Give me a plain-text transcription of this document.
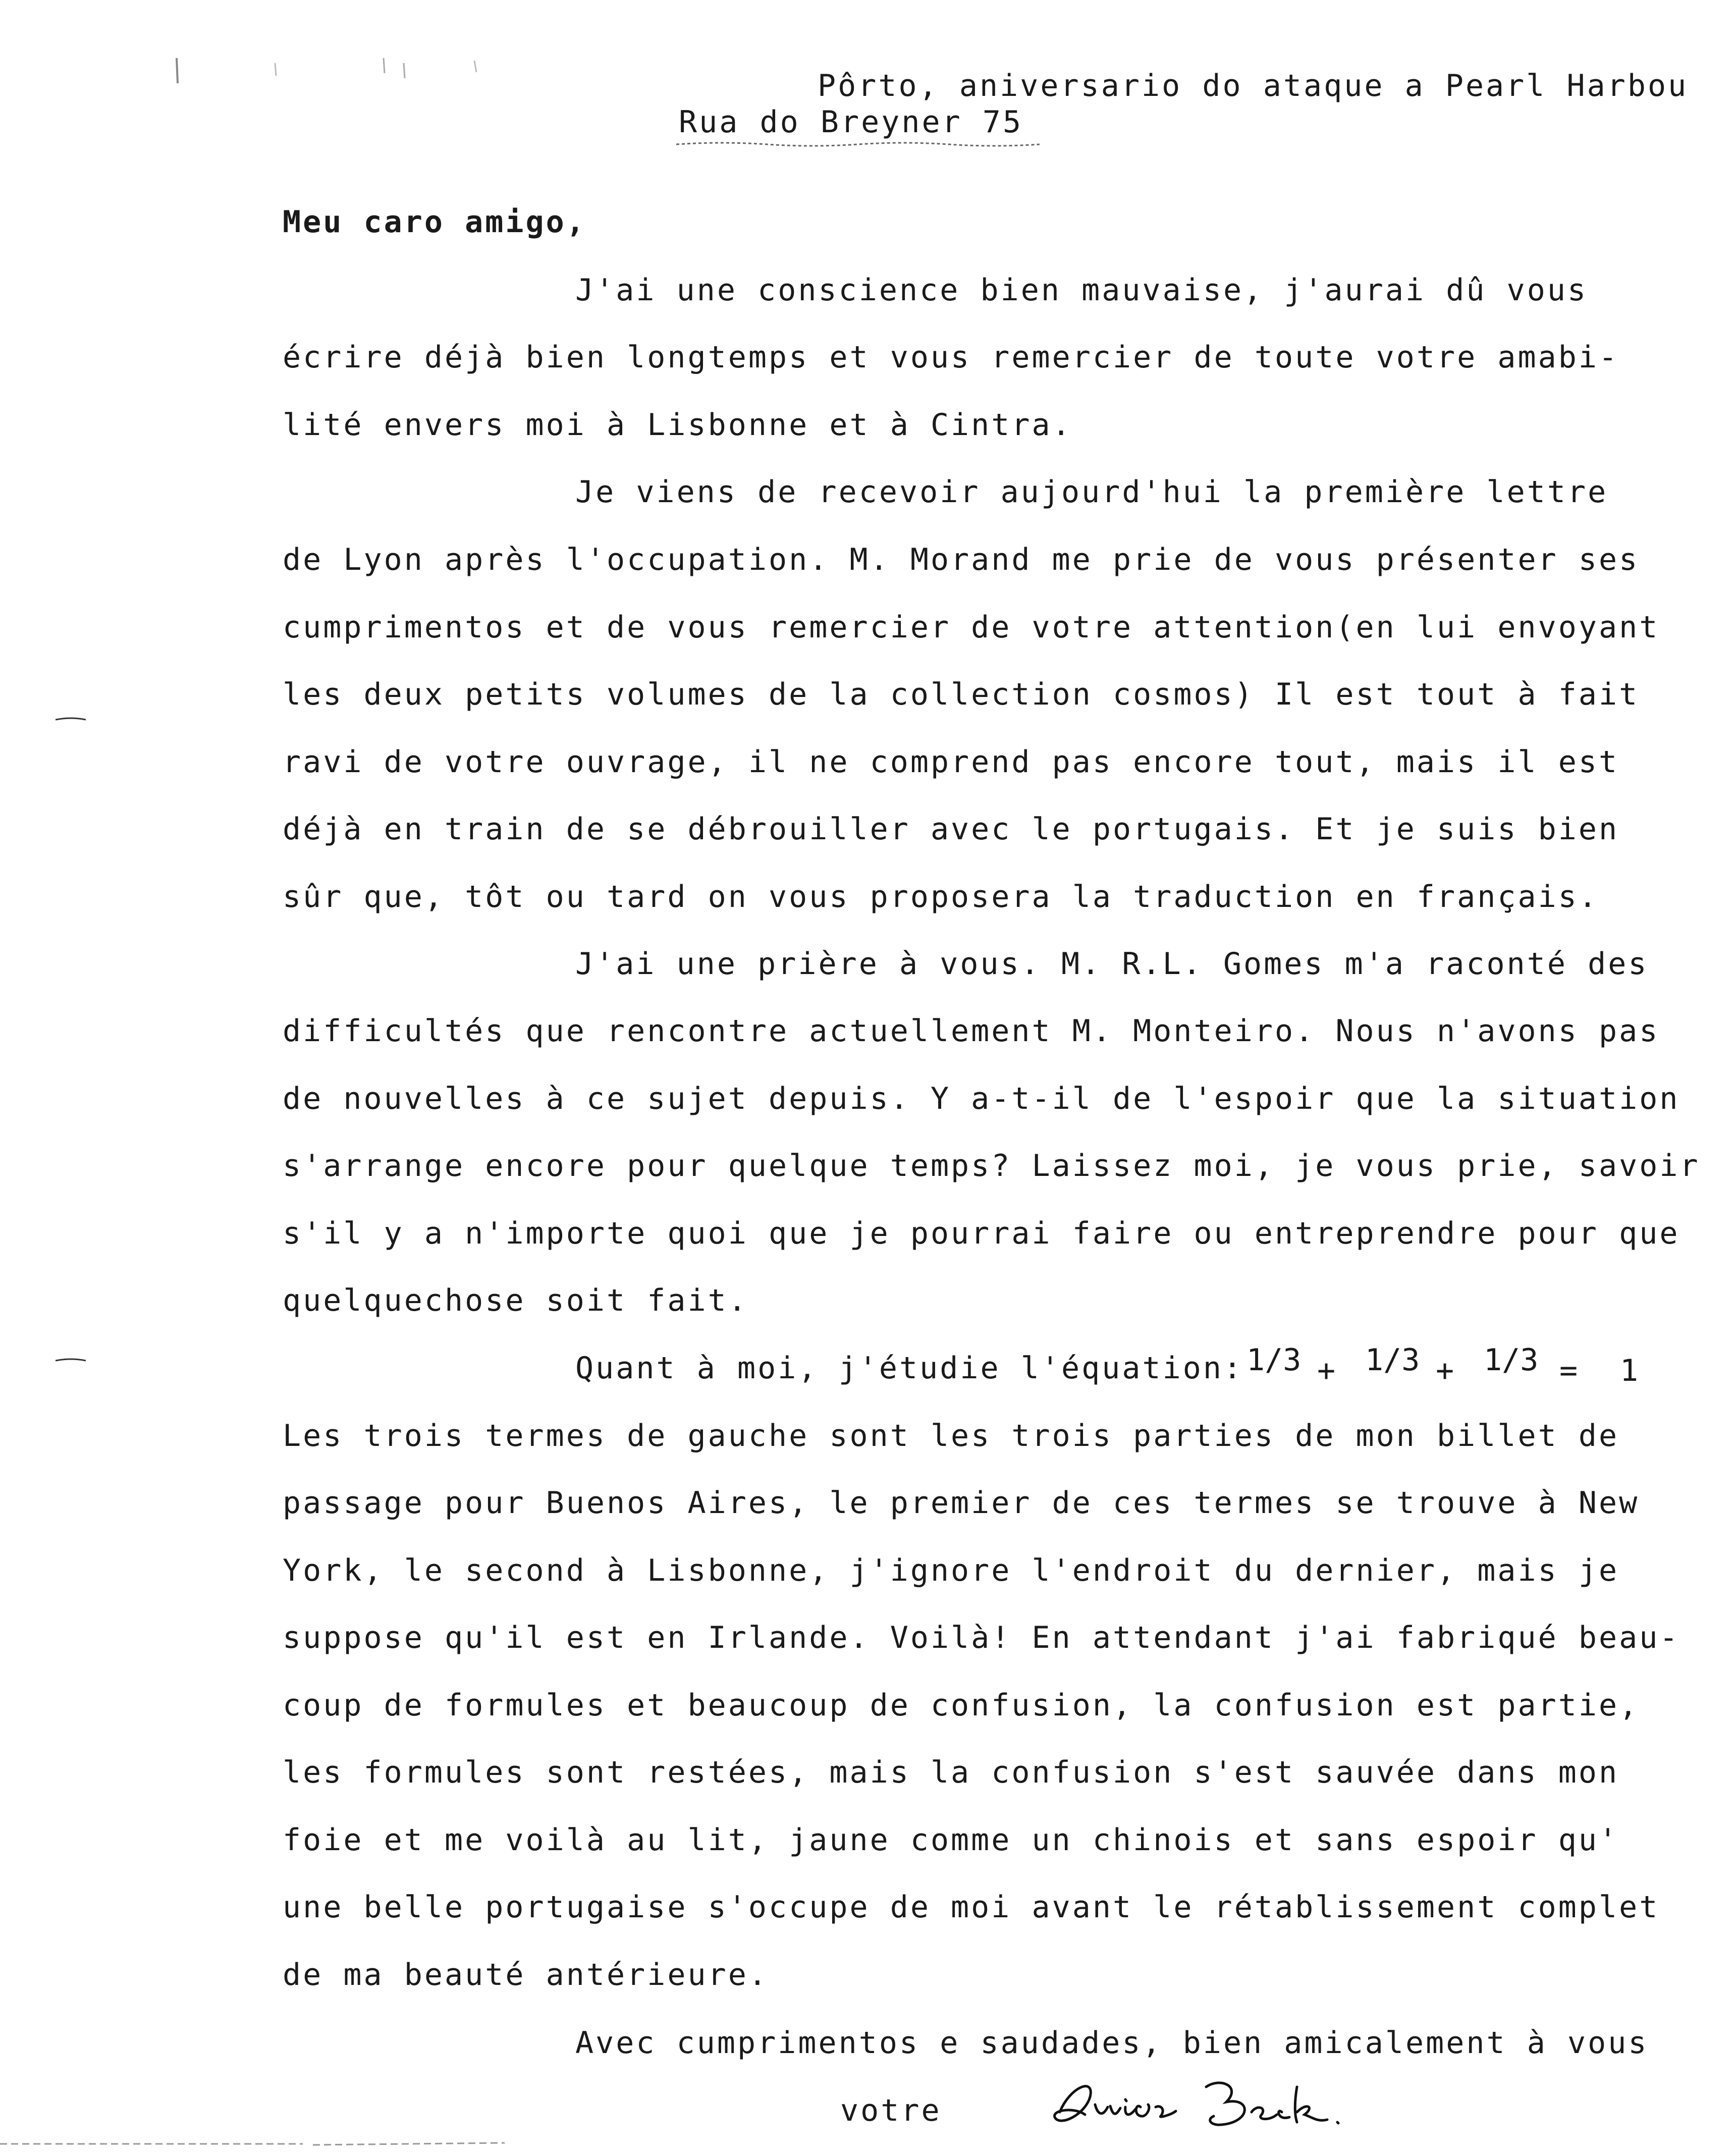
Pôrto, aniversario do ataque a Pearl Harbou
Rua do Breyner 75
Meu caro amigo,
J'ai une conscience bien mauvaise, j'aurai dû vous
écrire déjà bien longtemps et vous remercier de toute votre amabi-
lité envers moi à Lisbonne et à Cintra.
Je viens de recevoir aujourd'hui la première lettre
de Lyon après l'occupation. M. Morand me prie de vous présenter ses
cumprimentos et de vous remercier de votre attention(en lui envoyant
les deux petits volumes de la collection cosmos) Il est tout à fait
ravi de votre ouvrage, il ne comprend pas encore tout, mais il est
déjà en train de se débrouiller avec le portugais. Et je suis bien
sûr que, tôt ou tard on vous proposera la traduction en français.
J'ai une prière à vous. M. R.L. Gomes m'a raconté des
difficultés que rencontre actuellement M. Monteiro. Nous n'avons pas
de nouvelles à ce sujet depuis. Y a-t-il de l'espoir que la situation
s'arrange encore pour quelque temps? Laissez moi, je vous prie, savoir
s'il y a n'importe quoi que je pourrai faire ou entreprendre pour que
quelquechose soit fait.
Quant à moi, j'étudie l'équation: 1/3 + 1/3 + 1/3 = 1
Les trois termes de gauche sont les trois parties de mon billet de
passage pour Buenos Aires, le premier de ces termes se trouve à New
York, le second à Lisbonne, j'ignore l'endroit du dernier, mais je
suppose qu'il est en Irlande. Voilà! En attendant j'ai fabriqué beau-
coup de formules et beaucoup de confusion, la confusion est partie,
les formules sont restées, mais la confusion s'est sauvée dans mon
foie et me voilà au lit, jaune comme un chinois et sans espoir qu'
une belle portugaise s'occupe de moi avant le rétablissement complet
de ma beauté antérieure.
Avec cumprimentos e saudades, bien amicalement à vous
votre
